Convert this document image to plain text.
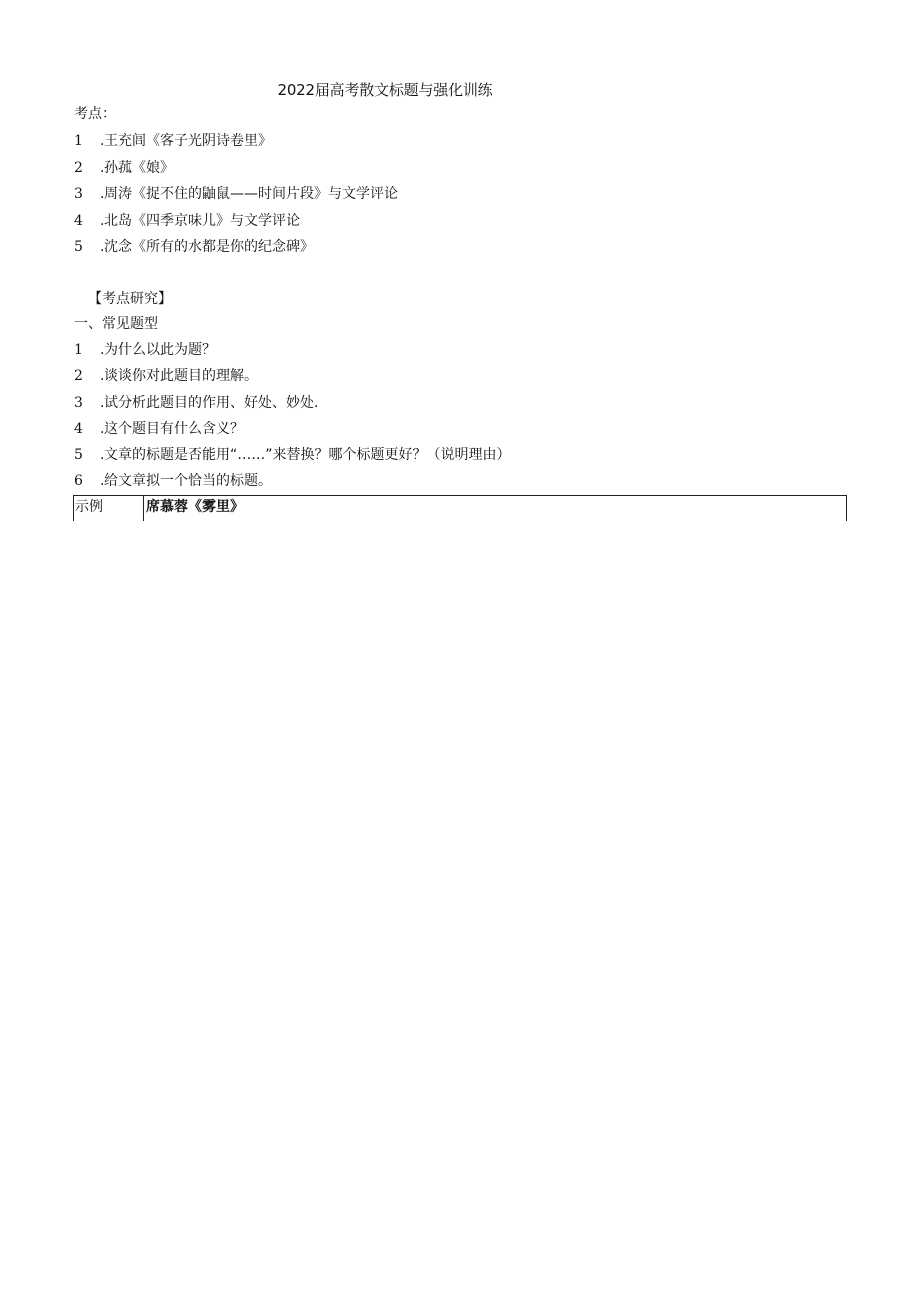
2022届高考散文标题与强化训练
考点：
1 .王充闾《客子光阴诗卷里》
2 .孙菰《娘》
3 .周涛《捉不住的鼬鼠——时间片段》与文学评论
4 .北岛《四季京味儿》与文学评论
5 .沈念《所有的水都是你的纪念碑》
【考点研究】
一、常见题型
1 .为什么以此为题？
2 .谈谈你对此题目的理解。
3 .试分析此题目的作用、好处、妙处.
4 .这个题目有什么含义？
5 .文章的标题是否能用“……”来替换？哪个标题更好？（说明理由）
6 .给文章拟一个恰当的标题。
示例	席慕蓉《雾里》
